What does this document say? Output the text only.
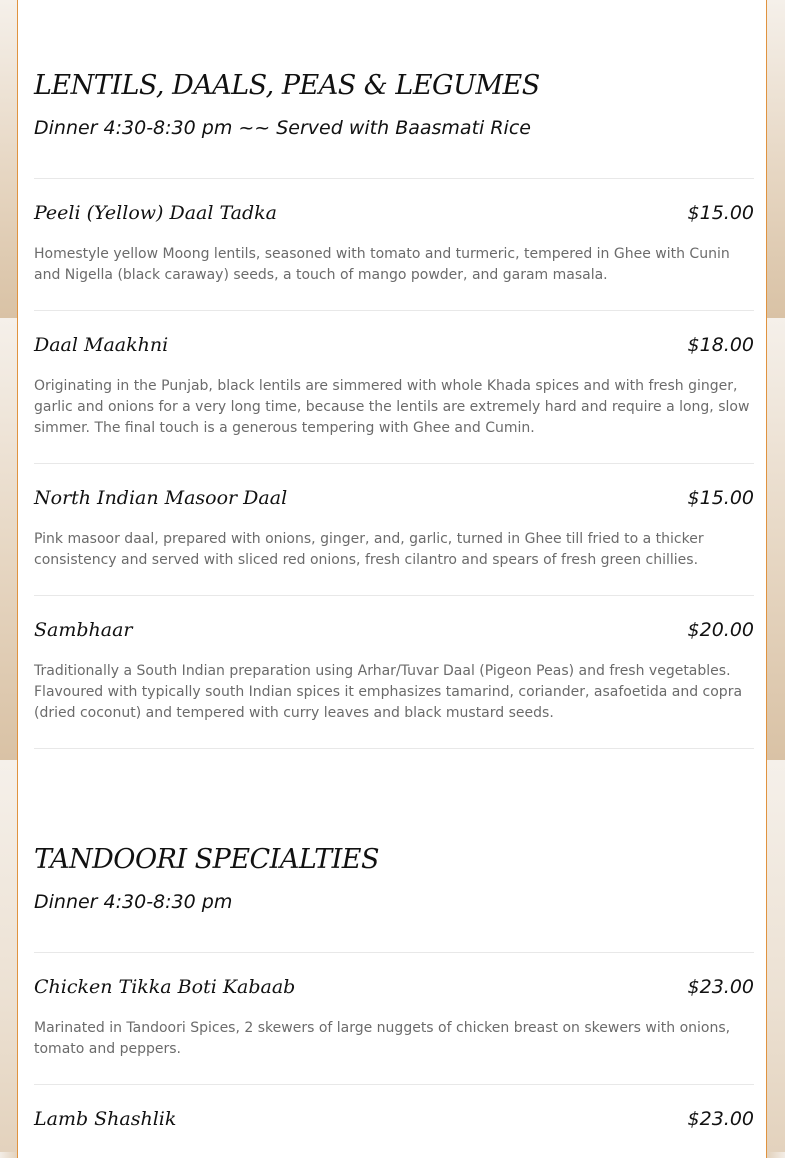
LENTILS, DAALS, PEAS & LEGUMES

Dinner 4:30-8:30 pm ~~ Served with Baasmati Rice

Peeli (Yellow) Daal Tadka	$15.00

Homestyle yellow Moong lentils, seasoned with tomato and turmeric, tempered in Ghee with Cunin and Nigella (black caraway) seeds, a touch of mango powder, and garam masala.

Daal Maakhni	$18.00

Originating in the Punjab, black lentils are simmered with whole Khada spices and with fresh ginger, garlic and onions for a very long time, because the lentils are extremely hard and require a long, slow simmer. The final touch is a generous tempering with Ghee and Cumin.

North Indian Masoor Daal	$15.00

Pink masoor daal, prepared with onions, ginger, and, garlic, turned in Ghee till fried to a thicker consistency and served with sliced red onions, fresh cilantro and spears of fresh green chillies.

Sambhaar	$20.00

Traditionally a South Indian preparation using Arhar/Tuvar Daal (Pigeon Peas) and fresh vegetables. Flavoured with typically south Indian spices it emphasizes tamarind, coriander, asafoetida and copra (dried coconut) and tempered with curry leaves and black mustard seeds.

TANDOORI SPECIALTIES

Dinner 4:30-8:30 pm

Chicken Tikka Boti Kabaab	$23.00

Marinated in Tandoori Spices, 2 skewers of large nuggets of chicken breast on skewers with onions, tomato and peppers.

Lamb Shashlik	$23.00
